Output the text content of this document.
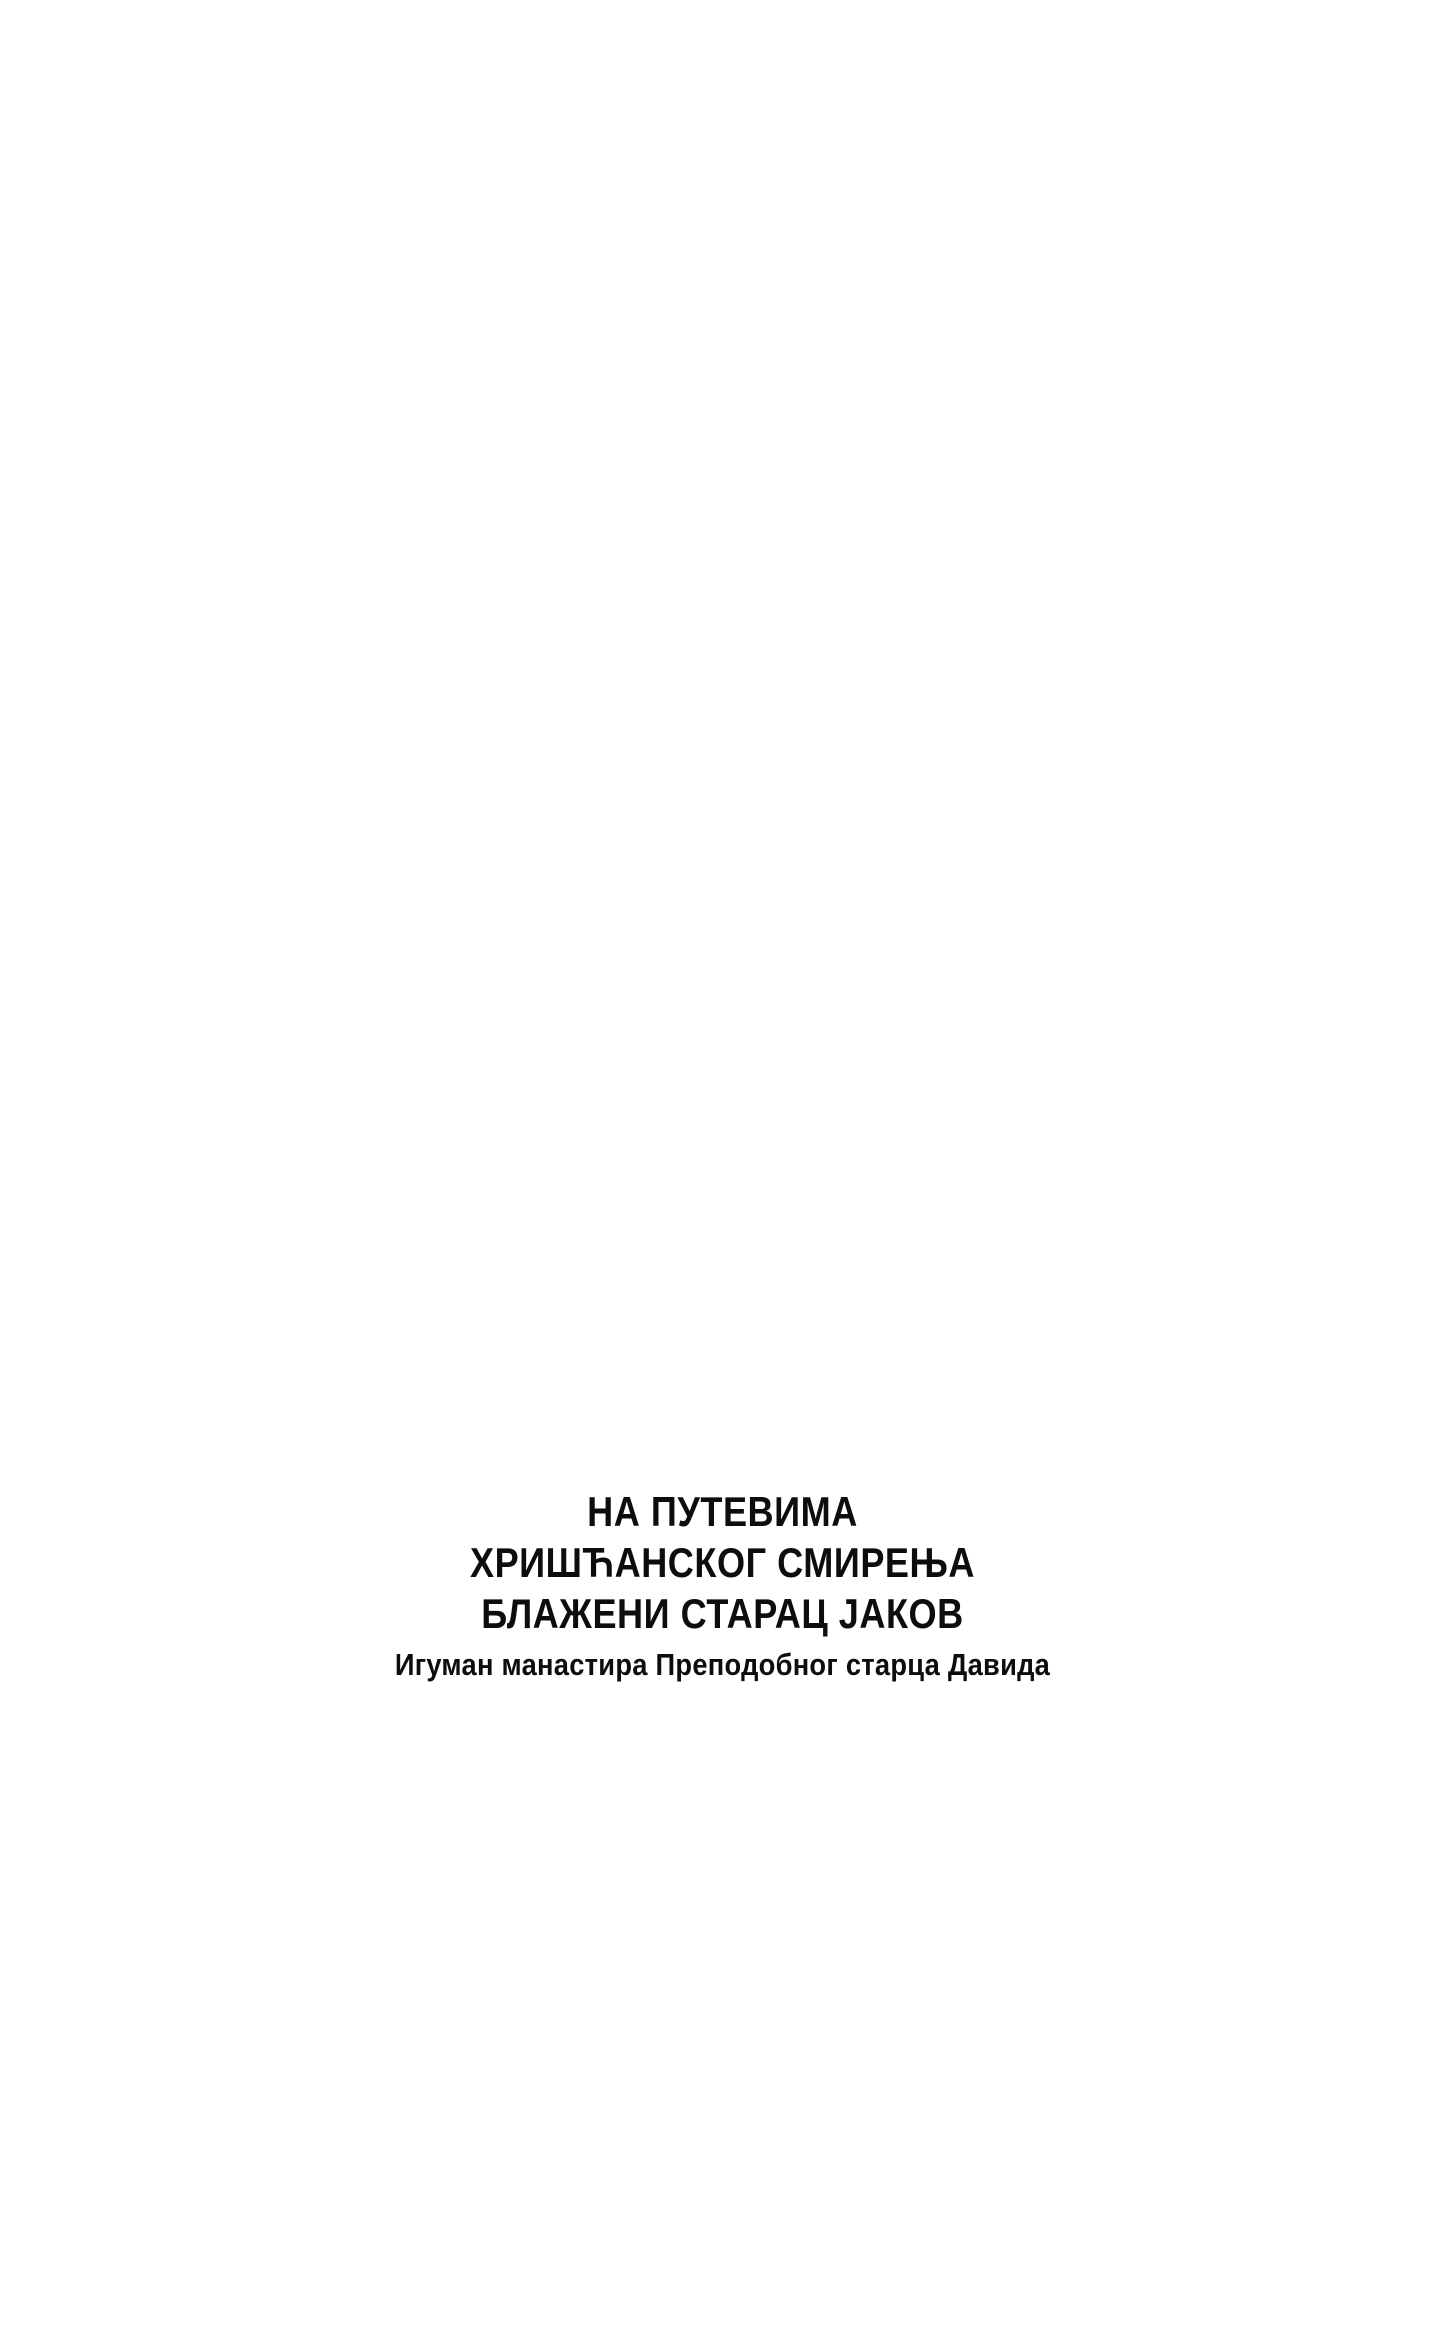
НА ПУТЕВИМА
ХРИШЋАНСКОГ СМИРЕЊА
БЛАЖЕНИ СТАРАЦ ЈАКОВ
Игуман манастира Преподобног старца Давида
